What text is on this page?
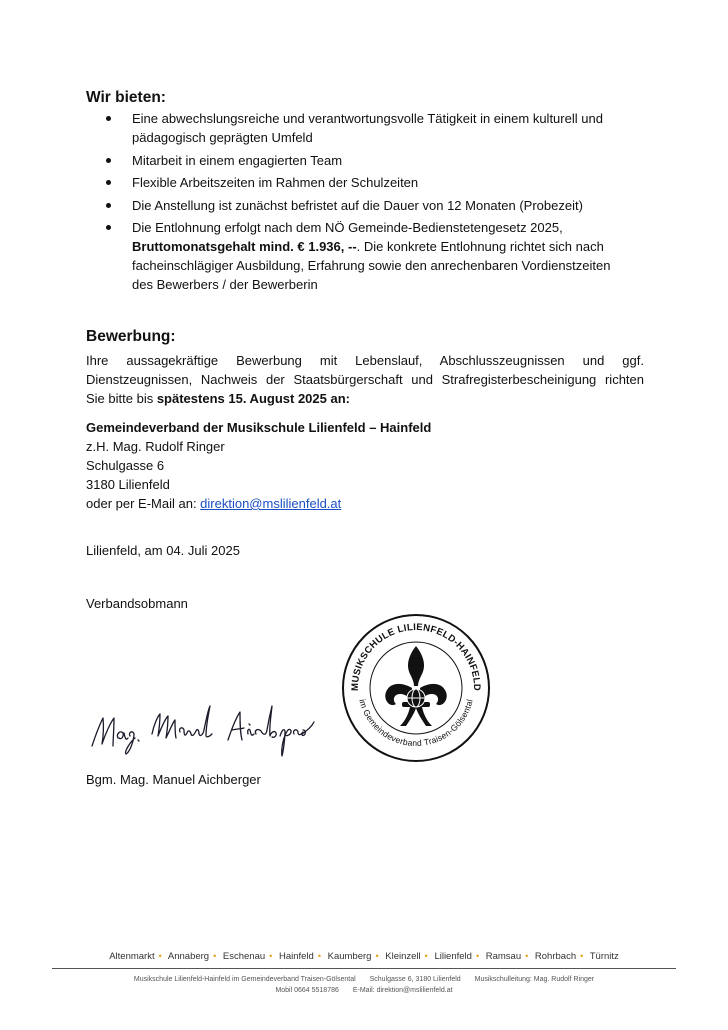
Wir bieten:
Eine abwechslungsreiche und verantwortungsvolle Tätigkeit in einem kulturell und
pädagogisch geprägten Umfeld
Mitarbeit in einem engagierten Team
Flexible Arbeitszeiten im Rahmen der Schulzeiten
Die Anstellung ist zunächst befristet auf die Dauer von 12 Monaten (Probezeit)
Die Entlohnung erfolgt nach dem NÖ Gemeinde-Bedienstetengesetz 2025,
Bruttomonatsgehalt mind. € 1.936, --. Die konkrete Entlohnung richtet sich nach
facheinschlägiger Ausbildung, Erfahrung sowie den anrechenbaren Vordienstzeiten
des Bewerbers / der Bewerberin
Bewerbung:
Ihre aussagekräftige Bewerbung mit Lebenslauf, Abschlusszeugnissen und ggf.
Dienstzeugnissen, Nachweis der Staatsbürgerschaft und Strafregisterbescheinigung richten
Sie bitte bis spätestens 15. August 2025 an:
Gemeindeverband der Musikschule Lilienfeld – Hainfeld
z.H. Mag. Rudolf Ringer
Schulgasse 6
3180 Lilienfeld
oder per E-Mail an: direktion@mslilienfeld.at
Lilienfeld, am 04. Juli 2025
Verbandsobmann
MUSIKSCHULE LILIENFELD-HAINFELD
im Gemeindeverband Traisen-Gölsental
Bgm. Mag. Manuel Aichberger
Altenmarkt • Annaberg • Eschenau • Hainfeld • Kaumberg • Kleinzell • Lilienfeld • Ramsau • Rohrbach • Türnitz
Musikschule Lilienfeld-Hainfeld im Gemeindeverband Traisen-Gölsental Schulgasse 6, 3180 Lilienfeld Musikschulleitung: Mag. Rudolf Ringer
Mobil 0664 5518786 E-Mail: direktion@mslilienfeld.at
